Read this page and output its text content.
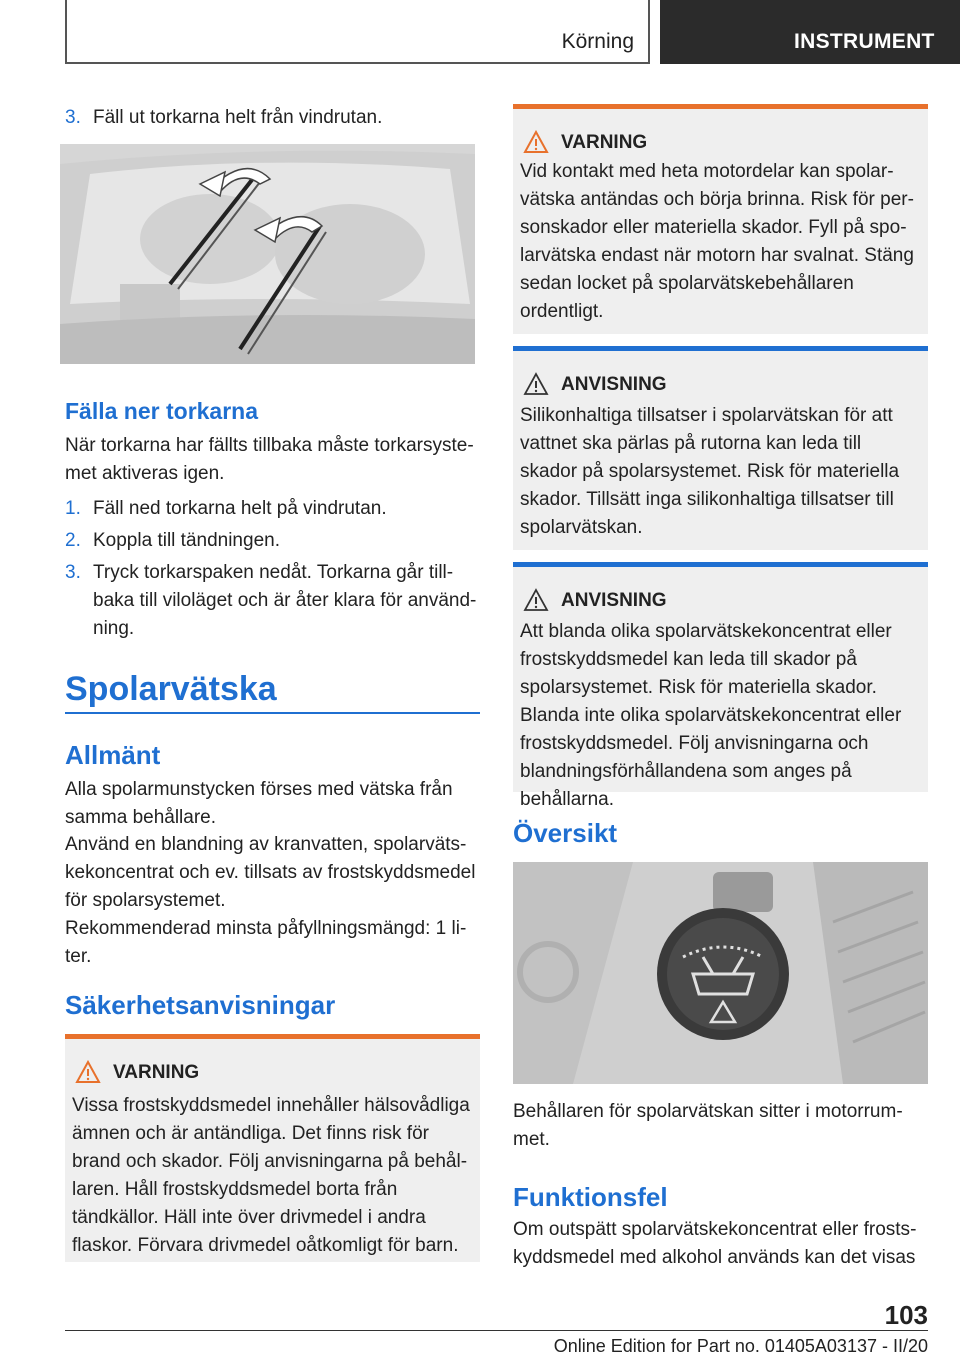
Körning	INSTRUMENT
3. Fäll ut torkarna helt från vindrutan.
Fälla ner torkarna

När torkarna har fällts tillbaka måste torkarsystemet aktiveras igen.

1. Fäll ned torkarna helt på vindrutan.
2. Koppla till tändningen.
3. Tryck torkarspaken nedåt. Torkarna går tillbaka till viloläget och är åter klara för användning.
Spolarvätska
Allmänt

Alla spolarmunstycken förses med vätska från samma behållare.

Använd en blandning av kranvatten, spolarvätskekoncentrat och ev. tillsats av frostskyddsmedel för spolarsystemet.

Rekommenderad minsta påfyllningsmängd: 1 liter.

Säkerhetsanvisningar
VARNING

Vissa frostskyddsmedel innehåller hälsovådliga ämnen och är antändliga. Det finns risk för brand och skador. Följ anvisningarna på behållaren. Håll frostskyddsmedel borta från tändkällor. Häll inte över drivmedel i andra flaskor. Förvara drivmedel oåtkomligt för barn.

VARNING

Vid kontakt med heta motordelar kan spolarvätska antändas och börja brinna. Risk för personskador eller materiella skador. Fyll på spolarvätska endast när motorn har svalnat. Stäng sedan locket på spolarvätskebehållaren ordentligt.

ANVISNING

Silikonhaltiga tillsatser i spolarvätskan för att vattnet ska pärlas på rutorna kan leda till skador på spolarsystemet. Risk för materiella skador. Tillsätt inga silikonhaltiga tillsatser till spolarvätskan.

ANVISNING

Att blanda olika spolarvätskekoncentrat eller frostskyddsmedel kan leda till skador på spolarsystemet. Risk för materiella skador. Blanda inte olika spolarvätskekoncentrat eller frostskyddsmedel. Följ anvisningarna och blandningsförhållandena som anges på behållarna.

Översikt

Behållaren för spolarvätskan sitter i motorrummet.

Funktionsfel

Om outspätt spolarvätskekoncentrat eller frostskyddsmedel med alkohol används kan det visas

103
Online Edition for Part no. 01405A03137 - II/20
